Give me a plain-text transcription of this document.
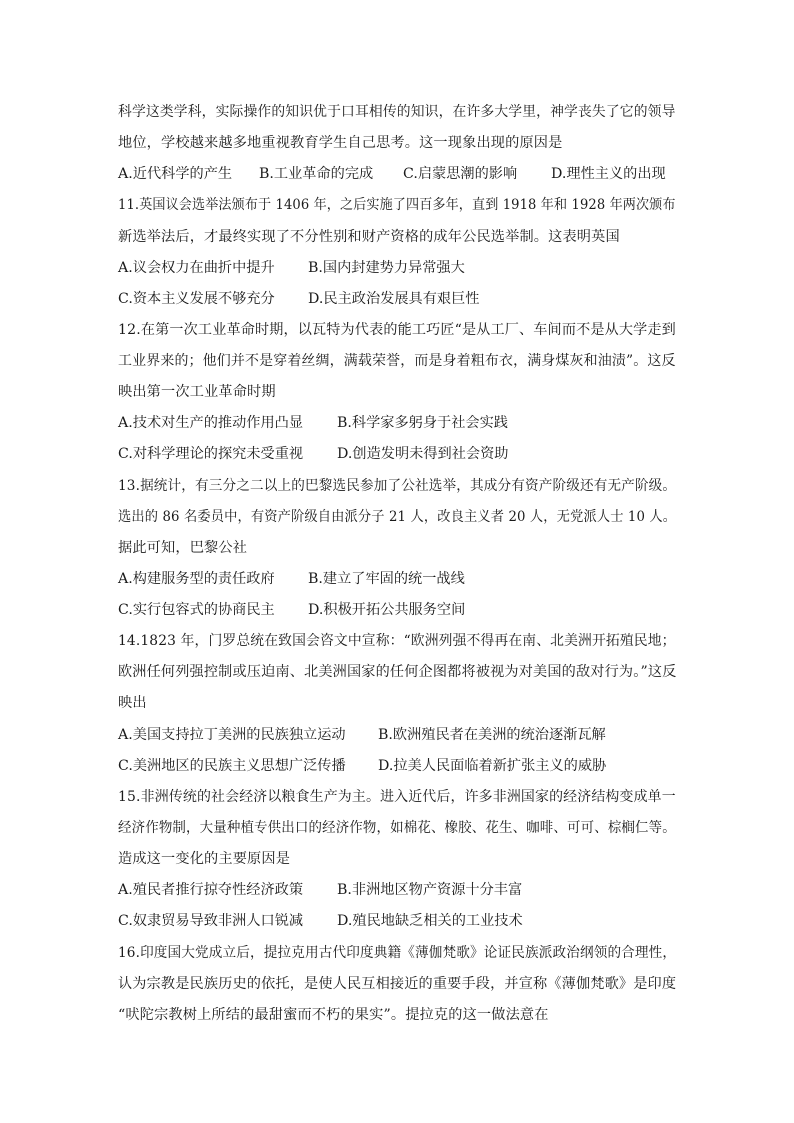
科学这类学科，实际操作的知识优于口耳相传的知识，在许多大学里，神学丧失了它的领导
地位，学校越来越多地重视教育学生自己思考。这一现象出现的原因是
A.近代科学的产生 B.工业革命的完成 C.启蒙思潮的影响 D.理性主义的出现
11.英国议会选举法颁布于 1406 年，之后实施了四百多年，直到 1918 年和 1928 年两次颁布
新选举法后，才最终实现了不分性别和财产资格的成年公民选举制。这表明英国
A.议会权力在曲折中提升 B.国内封建势力异常强大
C.资本主义发展不够充分 D.民主政治发展具有艰巨性
12.在第一次工业革命时期，以瓦特为代表的能工巧匠“是从工厂、车间而不是从大学走到
工业界来的；他们并不是穿着丝绸，满载荣誉，而是身着粗布衣，满身煤灰和油渍”。这反
映出第一次工业革命时期
A.技术对生产的推动作用凸显 B.科学家多躬身于社会实践
C.对科学理论的探究未受重视 D.创造发明未得到社会资助
13.据统计，有三分之二以上的巴黎选民参加了公社选举，其成分有资产阶级还有无产阶级。
选出的 86 名委员中，有资产阶级自由派分子 21 人，改良主义者 20 人，无党派人士 10 人。
据此可知，巴黎公社
A.构建服务型的责任政府 B.建立了牢固的统一战线
C.实行包容式的协商民主 D.积极开拓公共服务空间
14.1823 年，门罗总统在致国会咨文中宣称：“欧洲列强不得再在南、北美洲开拓殖民地；
欧洲任何列强控制或压迫南、北美洲国家的任何企图都将被视为对美国的敌对行为。”这反
映出
A.美国支持拉丁美洲的民族独立运动 B.欧洲殖民者在美洲的统治逐渐瓦解
C.美洲地区的民族主义思想广泛传播 D.拉美人民面临着新扩张主义的威胁
15.非洲传统的社会经济以粮食生产为主。进入近代后，许多非洲国家的经济结构变成单一
经济作物制，大量种植专供出口的经济作物，如棉花、橡胶、花生、咖啡、可可、棕榈仁等。
造成这一变化的主要原因是
A.殖民者推行掠夺性经济政策 B.非洲地区物产资源十分丰富
C.奴隶贸易导致非洲人口锐减 D.殖民地缺乏相关的工业技术
16.印度国大党成立后，提拉克用古代印度典籍《薄伽梵歌》论证民族派政治纲领的合理性，
认为宗教是民族历史的依托，是使人民互相接近的重要手段，并宣称《薄伽梵歌》是印度
“吠陀宗教树上所结的最甜蜜而不朽的果实”。提拉克的这一做法意在
